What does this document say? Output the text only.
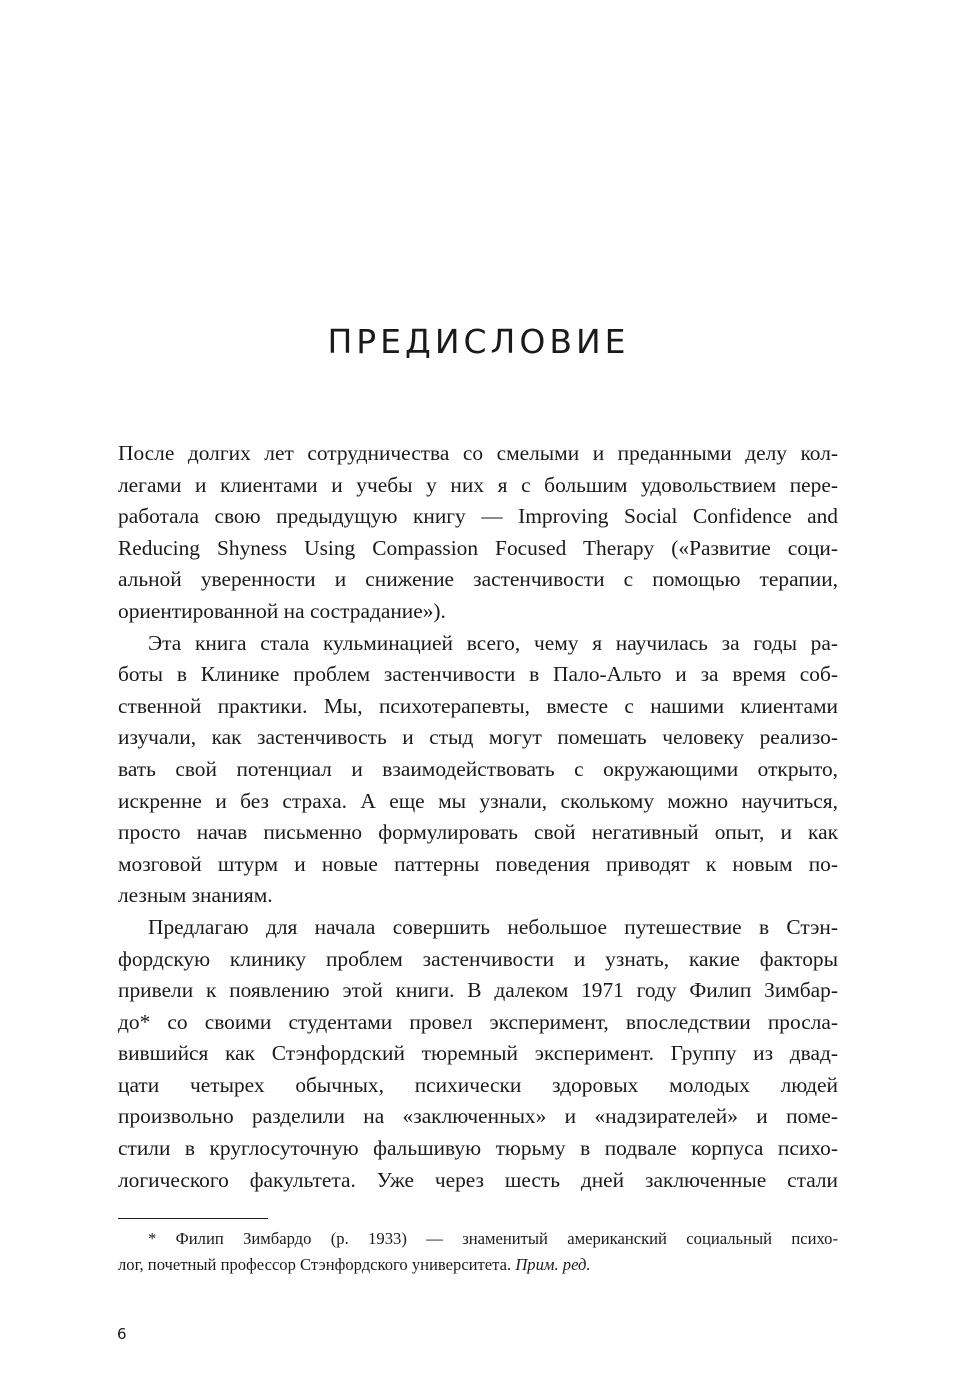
ПРЕДИСЛОВИЕ

После долгих лет сотрудничества со смелыми и преданными делу кол-
легами и клиентами и учебы у них я с большим удовольствием пере-
работала свою предыдущую книгу — Improving Social Confidence and
Reducing Shyness Using Compassion Focused Therapy («Развитие соци-
альной уверенности и снижение застенчивости с помощью терапии,
ориентированной на сострадание»).

Эта книга стала кульминацией всего, чему я научилась за годы ра-
боты в Клинике проблем застенчивости в Пало-Альто и за время соб-
ственной практики. Мы, психотерапевты, вместе с нашими клиентами
изучали, как застенчивость и стыд могут помешать человеку реализо-
вать свой потенциал и взаимодействовать с окружающими открыто,
искренне и без страха. А еще мы узнали, сколькому можно научиться,
просто начав письменно формулировать свой негативный опыт, и как
мозговой штурм и новые паттерны поведения приводят к новым по-
лезным знаниям.

Предлагаю для начала совершить небольшое путешествие в Стэн-
фордскую клинику проблем застенчивости и узнать, какие факторы
привели к появлению этой книги. В далеком 1971 году Филип Зимбар-
до* со своими студентами провел эксперимент, впоследствии просла-
вившийся как Стэнфордский тюремный эксперимент. Группу из двад-
цати четырех обычных, психически здоровых молодых людей
произвольно разделили на «заключенных» и «надзирателей» и поме-
стили в круглосуточную фальшивую тюрьму в подвале корпуса психо-
логического факультета. Уже через шесть дней заключенные стали

* Филип Зимбардо (р. 1933) — знаменитый американский социальный психо-
лог, почетный профессор Стэнфордского университета. Прим. ред.
6
